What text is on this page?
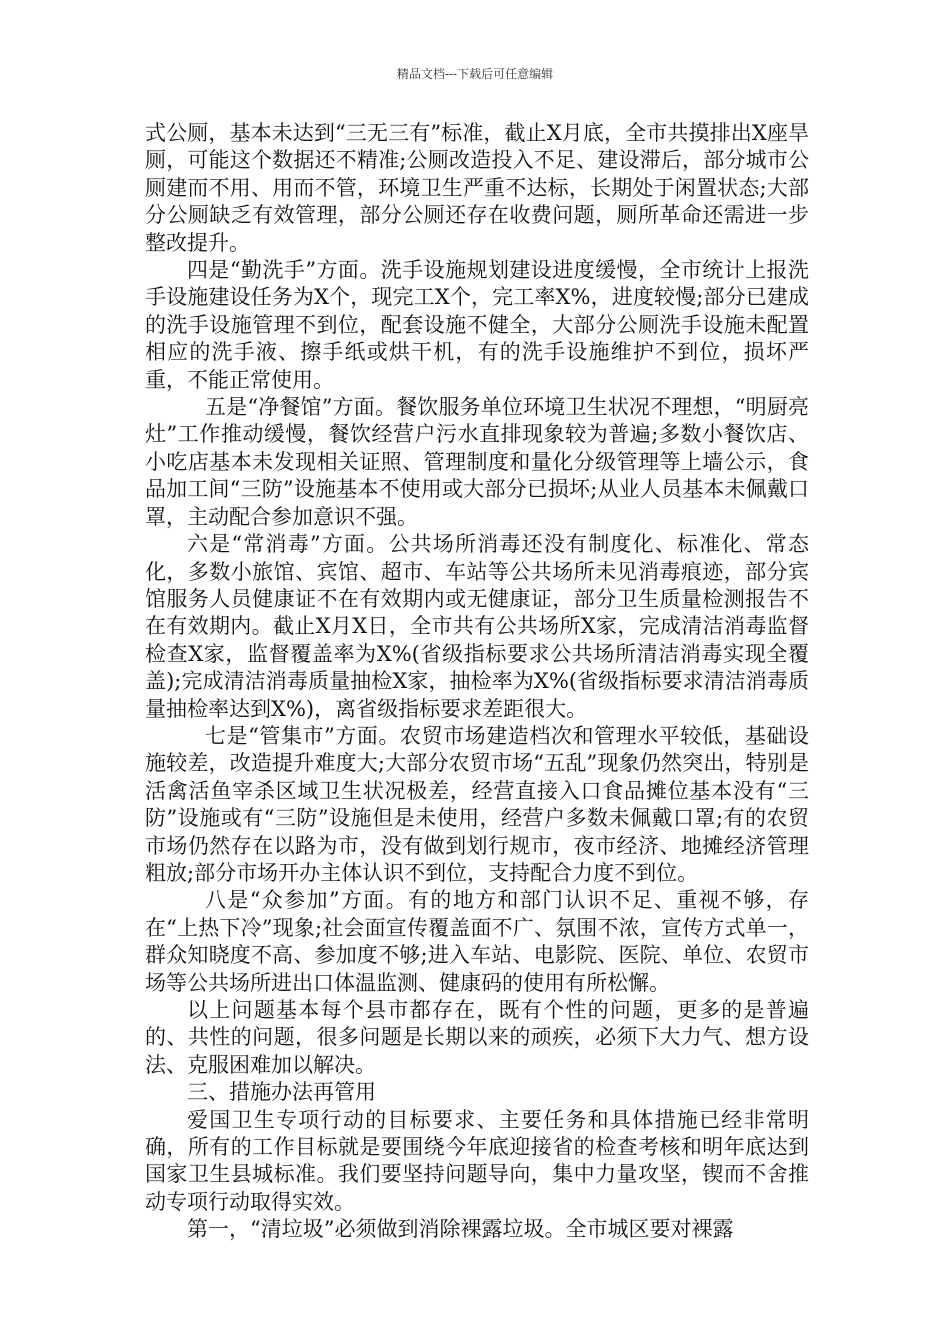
精品文档---下载后可任意编辑

式公厕，基本未达到“三无三有”标准，截止X月底，全市共摸排出X座旱厕，可能这个数据还不精准;公厕改造投入不足、建设滞后，部分城市公厕建而不用、用而不管，环境卫生严重不达标，长期处于闲置状态;大部分公厕缺乏有效管理，部分公厕还存在收费问题，厕所革命还需进一步整改提升。

四是“勤洗手”方面。洗手设施规划建设进度缓慢，全市统计上报洗手设施建设任务为X个，现完工X个，完工率X%，进度较慢;部分已建成的洗手设施管理不到位，配套设施不健全，大部分公厕洗手设施未配置相应的洗手液、擦手纸或烘干机，有的洗手设施维护不到位，损坏严重，不能正常使用。

五是“净餐馆”方面。餐饮服务单位环境卫生状况不理想，“明厨亮灶”工作推动缓慢，餐饮经营户污水直排现象较为普遍;多数小餐饮店、小吃店基本未发现相关证照、管理制度和量化分级管理等上墙公示，食品加工间“三防”设施基本不使用或大部分已损坏;从业人员基本未佩戴口罩，主动配合参加意识不强。

六是“常消毒”方面。公共场所消毒还没有制度化、标准化、常态化，多数小旅馆、宾馆、超市、车站等公共场所未见消毒痕迹，部分宾馆服务人员健康证不在有效期内或无健康证，部分卫生质量检测报告不在有效期内。截止X月X日，全市共有公共场所X家，完成清洁消毒监督检查X家，监督覆盖率为X%(省级指标要求公共场所清洁消毒实现全覆盖);完成清洁消毒质量抽检X家，抽检率为X%(省级指标要求清洁消毒质量抽检率达到X%)，离省级指标要求差距很大。

七是“管集市”方面。农贸市场建造档次和管理水平较低，基础设施较差，改造提升难度大;大部分农贸市场“五乱”现象仍然突出，特别是活禽活鱼宰杀区域卫生状况极差，经营直接入口食品摊位基本没有“三防”设施或有“三防”设施但是未使用，经营户多数未佩戴口罩;有的农贸市场仍然存在以路为市，没有做到划行规市，夜市经济、地摊经济管理粗放;部分市场开办主体认识不到位，支持配合力度不到位。

八是“众参加”方面。有的地方和部门认识不足、重视不够，存在“上热下冷”现象;社会面宣传覆盖面不广、氛围不浓，宣传方式单一，群众知晓度不高、参加度不够;进入车站、电影院、医院、单位、农贸市场等公共场所进出口体温监测、健康码的使用有所松懈。

以上问题基本每个县市都存在，既有个性的问题，更多的是普遍的、共性的问题，很多问题是长期以来的顽疾，必须下大力气、想方设法、克服困难加以解决。

三、措施办法再管用

爱国卫生专项行动的目标要求、主要任务和具体措施已经非常明确，所有的工作目标就是要围绕今年底迎接省的检查考核和明年底达到国家卫生县城标准。我们要坚持问题导向，集中力量攻坚，锲而不舍推动专项行动取得实效。

第一，“清垃圾”必须做到消除裸露垃圾。全市城区要对裸露
